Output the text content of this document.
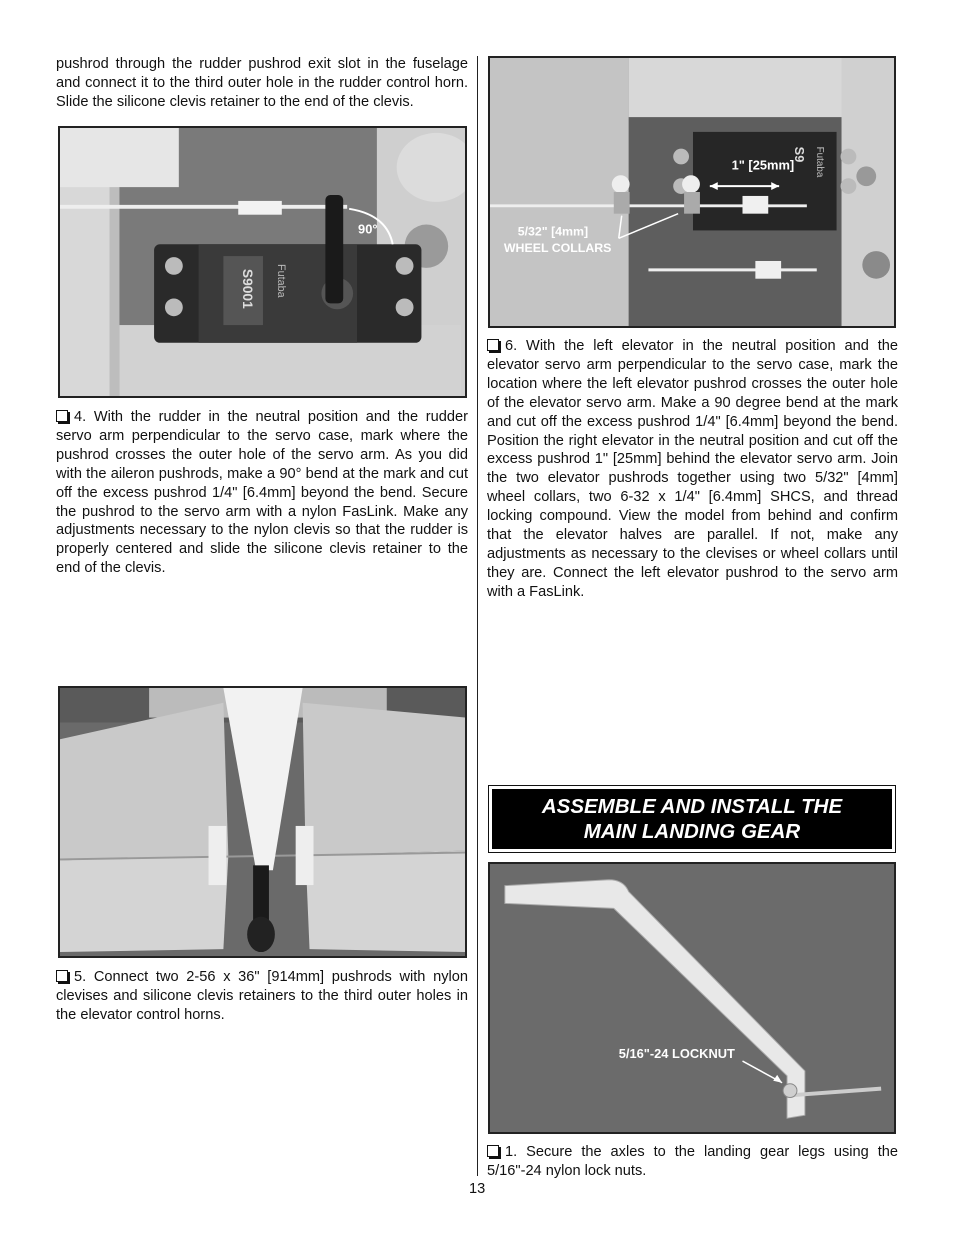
pushrod through the rudder pushrod exit slot in the fuselage and connect it to the third outer hole in the rudder control horn. Slide the silicone clevis retainer to the end of the clevis.

S9001 Futaba
90°

4. With the rudder in the neutral position and the rudder servo arm perpendicular to the servo case, mark where the pushrod crosses the outer hole of the servo arm. As you did with the aileron pushrods, make a 90° bend at the mark and cut off the excess pushrod 1/4" [6.4mm] beyond the bend. Secure the pushrod to the servo arm with a nylon FasLink. Make any adjustments necessary to the nylon clevis so that the rudder is properly centered and slide the silicone clevis retainer to the end of the clevis.

5. Connect two 2-56 x 36" [914mm] pushrods with nylon clevises and silicone clevis retainers to the third outer holes in the elevator control horns.

S9 Futaba
1" [25mm]
5/32" [4mm]
WHEEL COLLARS

6. With the left elevator in the neutral position and the elevator servo arm perpendicular to the servo case, mark the location where the left elevator pushrod crosses the outer hole of the elevator servo arm. Make a 90 degree bend at the mark and cut off the excess pushrod 1/4" [6.4mm] beyond the bend. Position the right elevator in the neutral position and cut off the excess pushrod 1" [25mm] behind the elevator servo arm. Join the two elevator pushrods together using two 5/32" [4mm] wheel collars, two 6-32 x 1/4" [6.4mm] SHCS, and thread locking compound. View the model from behind and confirm that the elevator halves are parallel. If not, make any adjustments as necessary to the clevises or wheel collars until they are. Connect the left elevator pushrod to the servo arm with a FasLink.

ASSEMBLE AND INSTALL THE
MAIN LANDING GEAR
5/16"-24 LOCKNUT

1. Secure the axles to the landing gear legs using the 5/16"-24 nylon lock nuts.

13
